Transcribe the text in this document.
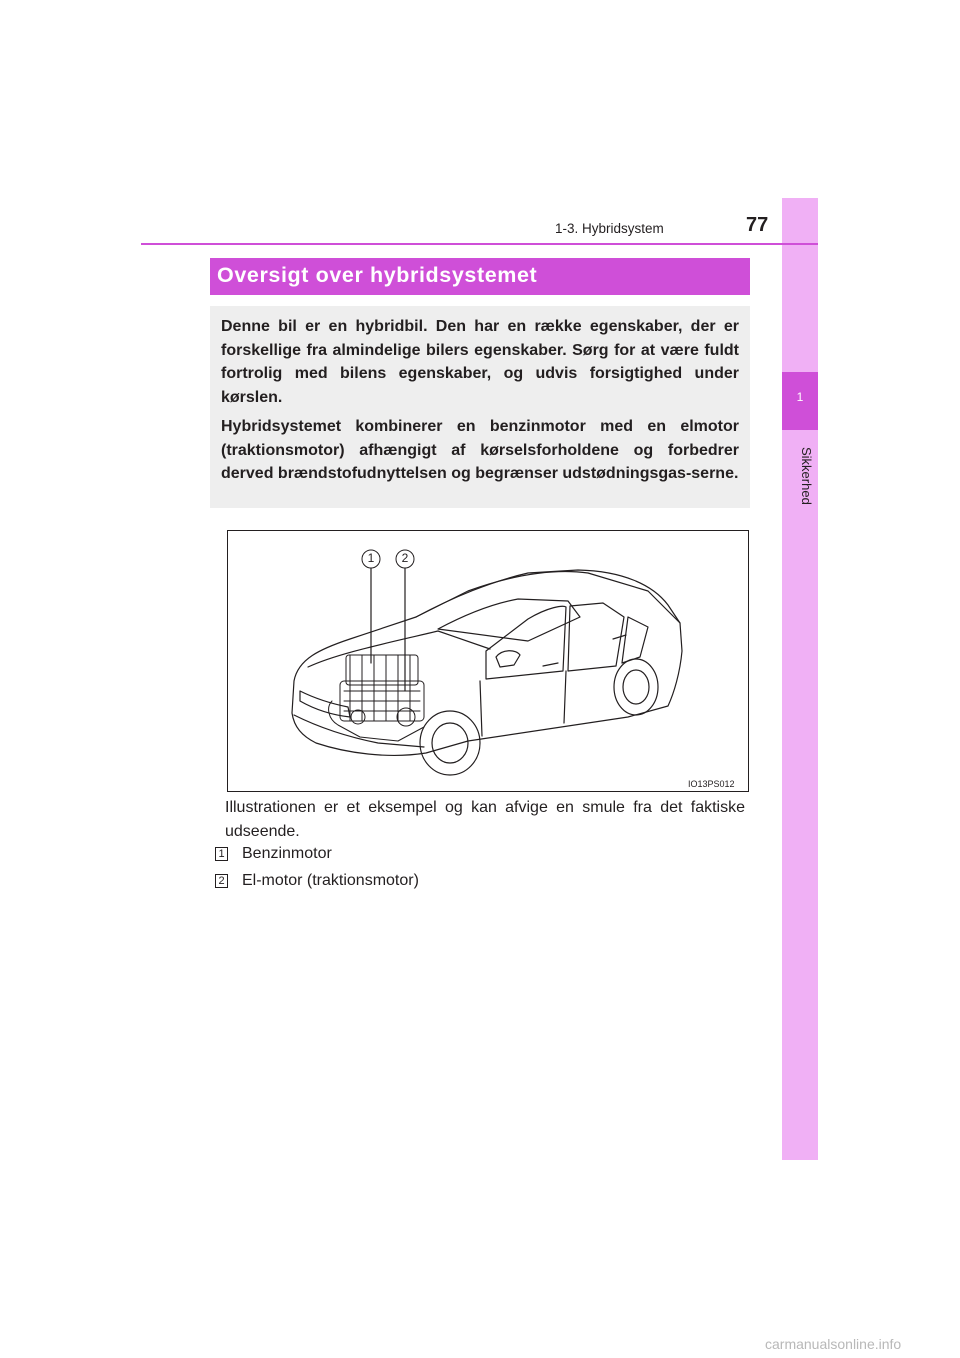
1
Sikkerhed
1-3. Hybridsystem	77
Oversigt over hybridsystemet

Denne bil er en hybridbil. Den har en række egenskaber, der er forskellige fra almindelige bilers egenskaber. Sørg for at være fuldt fortrolig med bilens egenskaber, og udvis forsigtighed under kørslen.

Hybridsystemet kombinerer en benzinmotor med en elmotor (traktionsmotor) afhængigt af kørselsforholdene og forbedrer derved brændstofudnyttelsen og begrænser udstødningsgas-serne.

1 2
IO13PS012
Illustrationen er et eksempel og kan afvige en smule fra det faktiske udseende.
1 Benzinmotor
2 El-motor (traktionsmotor)
carmanualsonline.info
